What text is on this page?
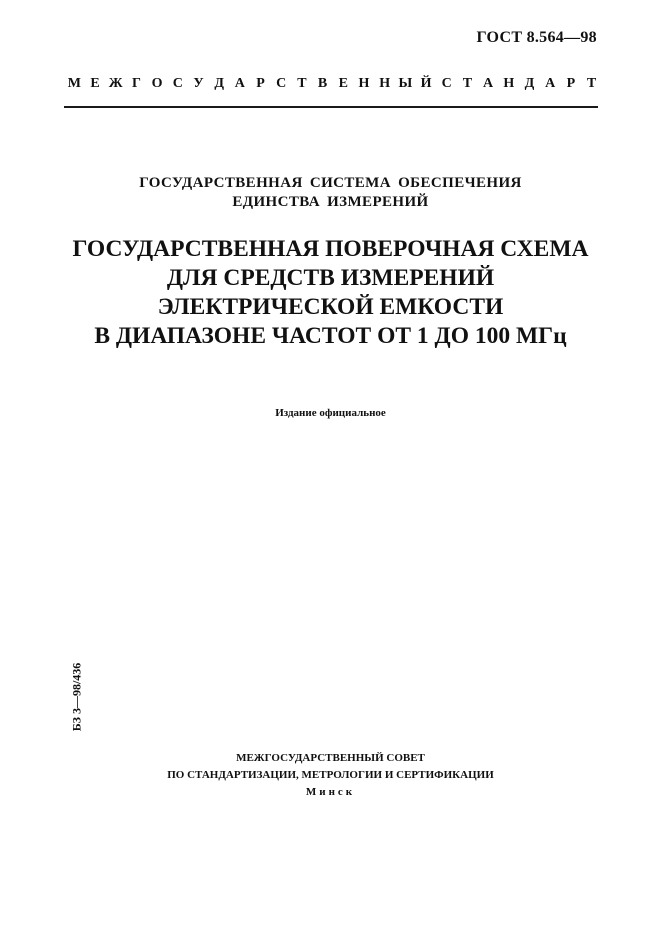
ГОСТ 8.564—98
М Е Ж Г О С У Д А Р С Т В Е Н Н Ы Й С Т А Н Д А Р Т
ГОСУДАРСТВЕННАЯ СИСТЕМА ОБЕСПЕЧЕНИЯ
ЕДИНСТВА ИЗМЕРЕНИЙ
ГОСУДАРСТВЕННАЯ ПОВЕРОЧНАЯ СХЕМА
ДЛЯ СРЕДСТВ ИЗМЕРЕНИЙ
ЭЛЕКТРИЧЕСКОЙ ЕМКОСТИ
В ДИАПАЗОНЕ ЧАСТОТ ОТ 1 ДО 100 МГц
Издание официальное
БЗ 3—98/436
МЕЖГОСУДАРСТВЕННЫЙ СОВЕТ
ПО СТАНДАРТИЗАЦИИ, МЕТРОЛОГИИ И СЕРТИФИКАЦИИ
Минск
